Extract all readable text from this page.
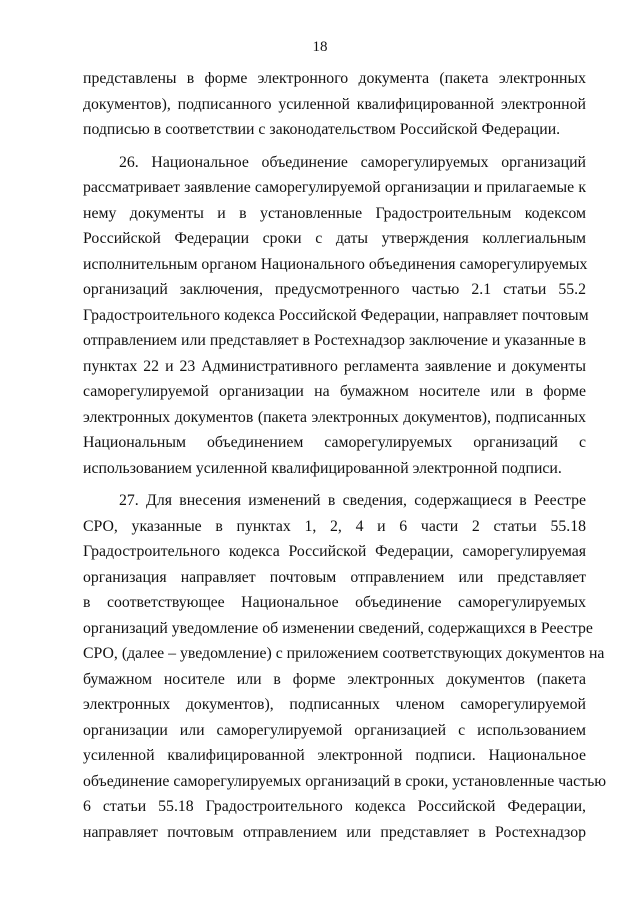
18
представлены в форме электронного документа (пакета электронных
документов), подписанного усиленной квалифицированной электронной
подписью в соответствии с законодательством Российской Федерации.
26. Национальное объединение саморегулируемых организаций
рассматривает заявление саморегулируемой организации и прилагаемые к
нему документы и в установленные Градостроительным кодексом
Российской Федерации сроки с даты утверждения коллегиальным
исполнительным органом Национального объединения саморегулируемых
организаций заключения, предусмотренного частью 2.1 статьи 55.2
Градостроительного кодекса Российской Федерации, направляет почтовым
отправлением или представляет в Ростехнадзор заключение и указанные в
пунктах 22 и 23 Административного регламента заявление и документы
саморегулируемой организации на бумажном носителе или в форме
электронных документов (пакета электронных документов), подписанных
Национальным объединением саморегулируемых организаций с
использованием усиленной квалифицированной электронной подписи.
27. Для внесения изменений в сведения, содержащиеся в Реестре
СРО, указанные в пунктах 1, 2, 4 и 6 части 2 статьи 55.18
Градостроительного кодекса Российской Федерации, саморегулируемая
организация направляет почтовым отправлением или представляет
в соответствующее Национальное объединение саморегулируемых
организаций уведомление об изменении сведений, содержащихся в Реестре
СРО, (далее – уведомление) с приложением соответствующих документов на
бумажном носителе или в форме электронных документов (пакета
электронных документов), подписанных членом саморегулируемой
организации или саморегулируемой организацией с использованием
усиленной квалифицированной электронной подписи. Национальное
объединение саморегулируемых организаций в сроки, установленные частью
6 статьи 55.18 Градостроительного кодекса Российской Федерации,
направляет почтовым отправлением или представляет в Ростехнадзор
